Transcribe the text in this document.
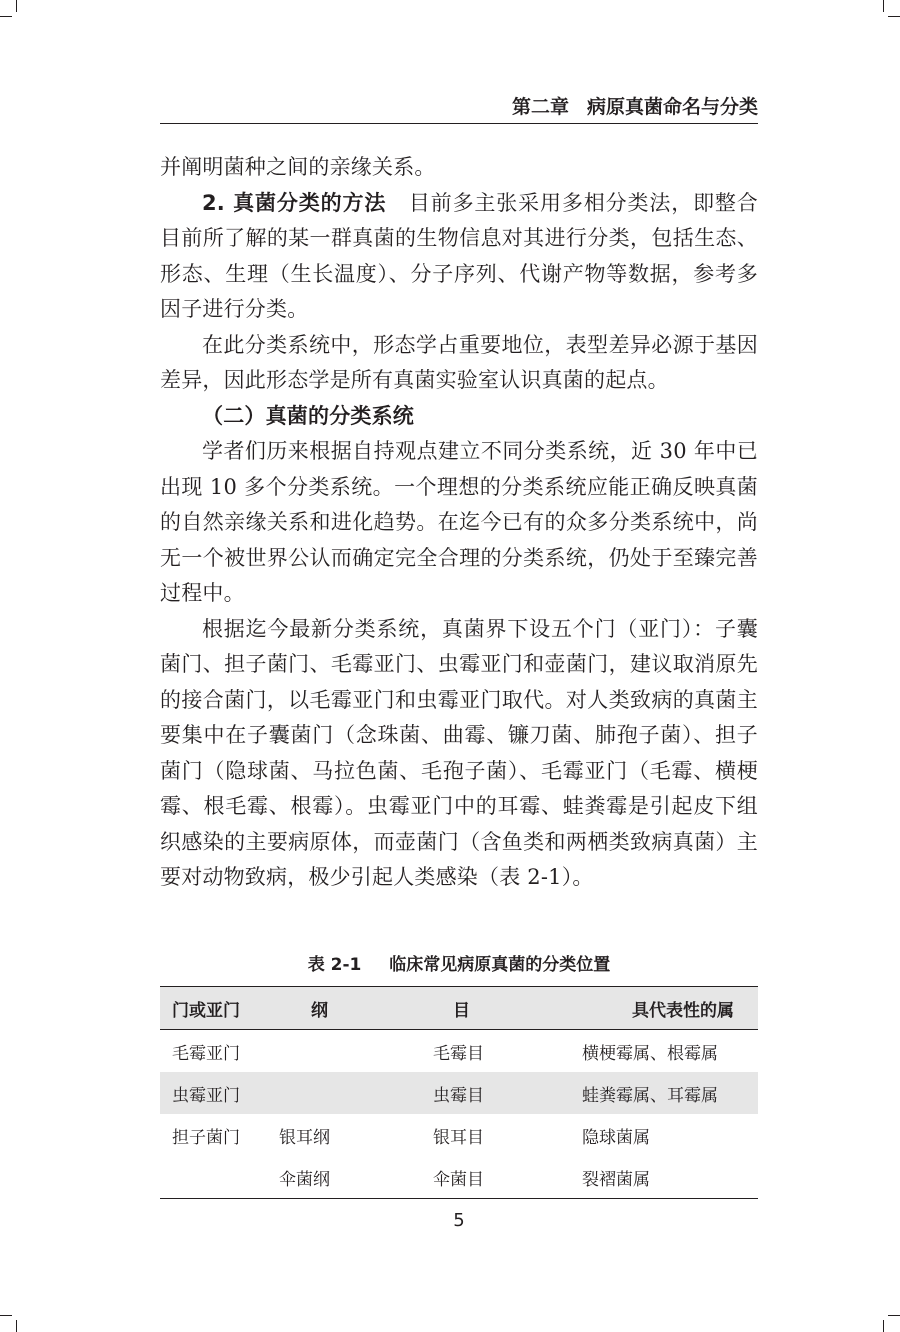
第二章 病原真菌命名与分类

并阐明菌种之间的亲缘关系。

2. 真菌分类的方法 目前多主张采用多相分类法，即整合目前所了解的某一群真菌的生物信息对其进行分类，包括生态、形态、生理（生长温度）、分子序列、代谢产物等数据，参考多因子进行分类。

在此分类系统中，形态学占重要地位，表型差异必源于基因差异，因此形态学是所有真菌实验室认识真菌的起点。

（二）真菌的分类系统

学者们历来根据自持观点建立不同分类系统，近 30 年中已出现 10 多个分类系统。一个理想的分类系统应能正确反映真菌的自然亲缘关系和进化趋势。在迄今已有的众多分类系统中，尚无一个被世界公认而确定完全合理的分类系统，仍处于至臻完善过程中。

根据迄今最新分类系统，真菌界下设五个门（亚门）：子囊菌门、担子菌门、毛霉亚门、虫霉亚门和壶菌门，建议取消原先的接合菌门，以毛霉亚门和虫霉亚门取代。对人类致病的真菌主要集中在子囊菌门（念珠菌、曲霉、镰刀菌、肺孢子菌）、担子菌门（隐球菌、马拉色菌、毛孢子菌）、毛霉亚门（毛霉、横梗霉、根毛霉、根霉）。虫霉亚门中的耳霉、蛙粪霉是引起皮下组织感染的主要病原体，而壶菌门（含鱼类和两栖类致病真菌）主要对动物致病，极少引起人类感染（表 2-1）。

表 2-1 临床常见病原真菌的分类位置
门或亚门	纲	目	具代表性的属
毛霉亚门		毛霉目	横梗霉属、根霉属
虫霉亚门		虫霉目	蛙粪霉属、耳霉属
担子菌门	银耳纲	银耳目	隐球菌属
	伞菌纲	伞菌目	裂褶菌属
5
